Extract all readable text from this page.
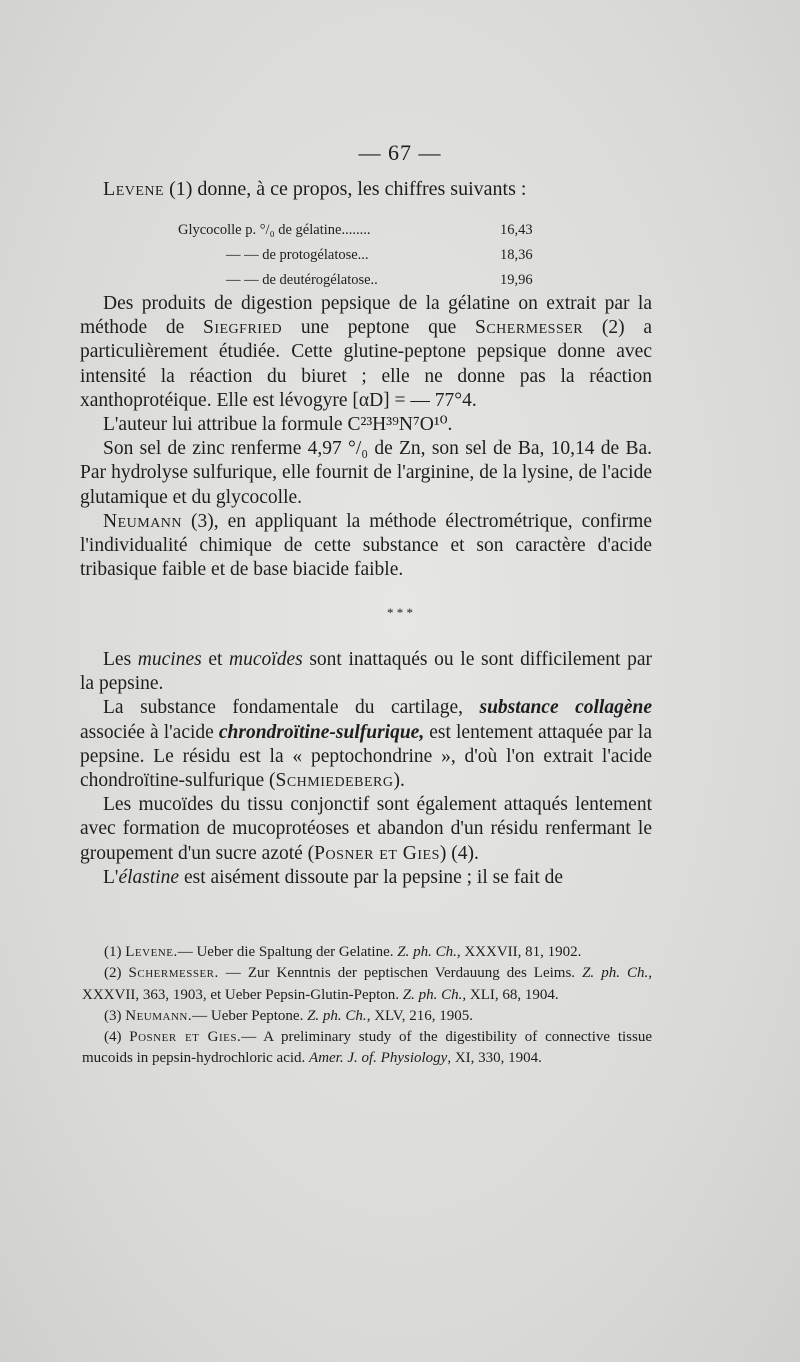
— 67 —
Levene (1) donne, à ce propos, les chiffres suivants :
Glycocolle p. °/₀ de gélatine........	16,43
— — de protogélatose...	18,36
— — de deutérogélatose..	19,96

Des produits de digestion pepsique de la gélatine on extrait par la méthode de Siegfried une peptone que Schermesser (2) a particulièrement étudiée. Cette glutine-peptone pepsique donne avec intensité la réaction du biuret ; elle ne donne pas la réaction xanthoprotéique. Elle est lévogyre [αD] = — 77°4.

L'auteur lui attribue la formule C²³H³⁹N⁷O¹⁰.

Son sel de zinc renferme 4,97 °/₀ de Zn, son sel de Ba, 10,14 de Ba. Par hydrolyse sulfurique, elle fournit de l'arginine, de la lysine, de l'acide glutamique et du glycocolle.

Neumann (3), en appliquant la méthode électrométrique, confirme l'individualité chimique de cette substance et son caractère d'acide tribasique faible et de base biacide faible.

* * *

Les mucines et mucoïdes sont inattaqués ou le sont difficilement par la pepsine.

La substance fondamentale du cartilage, substance collagène associée à l'acide chrondroïtine-sulfurique, est lentement attaquée par la pepsine. Le résidu est la « peptochondrine », d'où l'on extrait l'acide chondroïtine-sulfurique (Schmiedeberg).

Les mucoïdes du tissu conjonctif sont également attaqués lentement avec formation de mucoprotéoses et abandon d'un résidu renfermant le groupement d'un sucre azoté (Posner et Gies) (4).

L'élastine est aisément dissoute par la pepsine ; il se fait de

(1) Levene.— Ueber die Spaltung der Gelatine. Z. ph. Ch., XXXVII, 81, 1902.

(2) Schermesser. — Zur Kenntnis der peptischen Verdauung des Leims. Z. ph. Ch., XXXVII, 363, 1903, et Ueber Pepsin-Glutin-Pepton. Z. ph. Ch., XLI, 68, 1904.

(3) Neumann.— Ueber Peptone. Z. ph. Ch., XLV, 216, 1905.

(4) Posner et Gies.— A preliminary study of the digestibility of connective tissue mucoids in pepsin-hydrochloric acid. Amer. J. of. Physiology, XI, 330, 1904.
